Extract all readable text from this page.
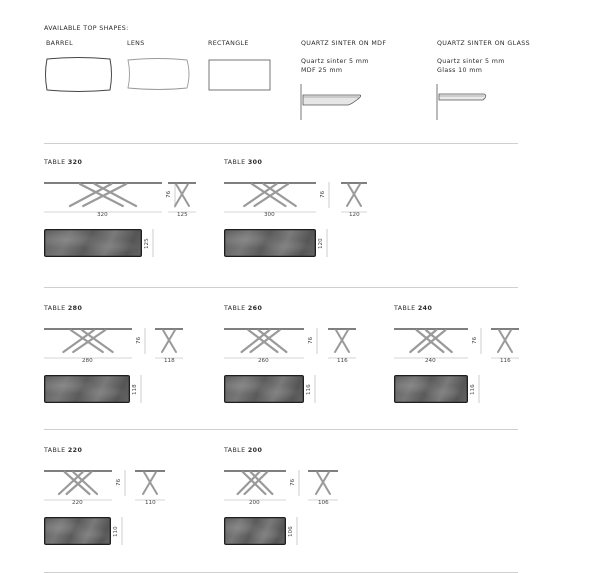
AVAILABLE TOP SHAPES:
BARREL	LENS	RECTANGLE	QUARTZ SINTER ON MDF
Quartz sinter 5 mm
MDF 25 mm
QUARTZ SINTER ON GLASS
Quartz sinter 5 mm
Glass 10 mm
TABLE 320
320
76
125
125
TABLE 300
300
76
120
120
TABLE 280
280
76
118
118
TABLE 260
260
76
116
116
TABLE 240
240
76
116
116
TABLE 220
220
76
110
110
TABLE 200
200
76
106
106
